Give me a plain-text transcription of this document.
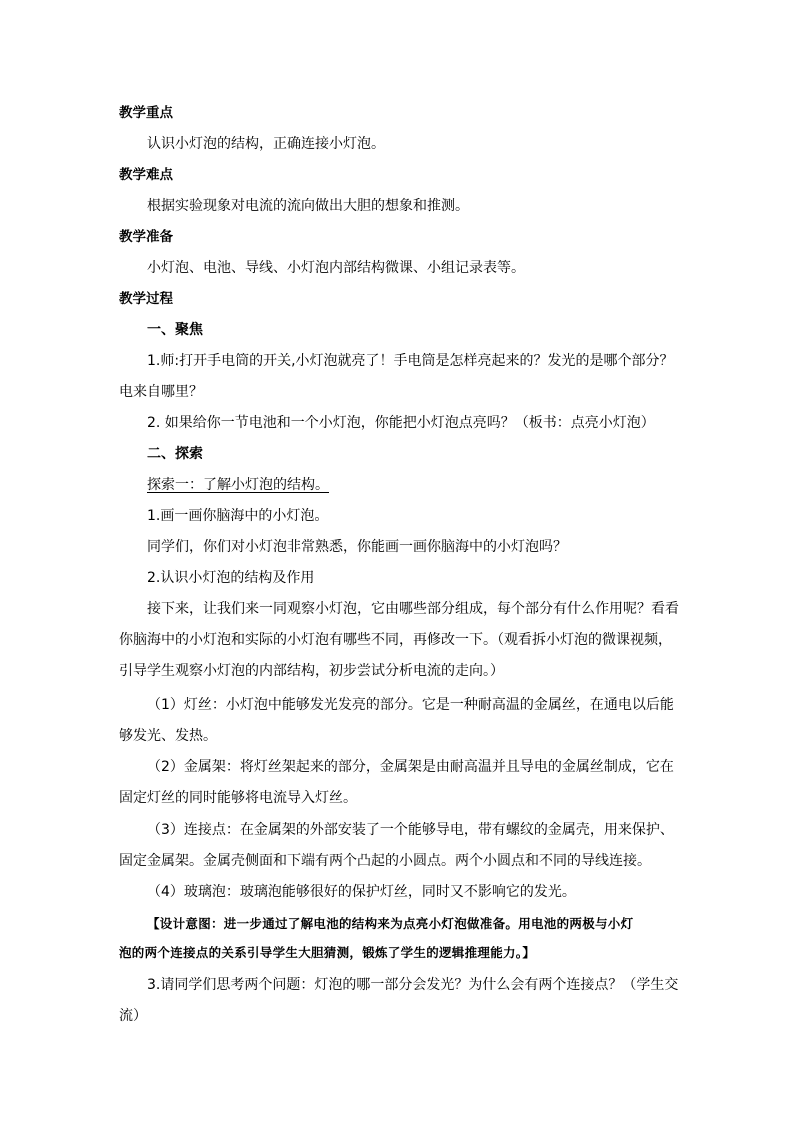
教学重点
认识小灯泡的结构，正确连接小灯泡。
教学难点
根据实验现象对电流的流向做出大胆的想象和推测。
教学准备
小灯泡、电池、导线、小灯泡内部结构微课、小组记录表等。
教学过程
一、聚焦
1.师:打开手电筒的开关,小灯泡就亮了！手电筒是怎样亮起来的？发光的是哪个部分？
电来自哪里？
2. 如果给你一节电池和一个小灯泡，你能把小灯泡点亮吗？（板书：点亮小灯泡）
二、探索
探索一：了解小灯泡的结构。
1.画一画你脑海中的小灯泡。
同学们，你们对小灯泡非常熟悉，你能画一画你脑海中的小灯泡吗？
2.认识小灯泡的结构及作用
接下来，让我们来一同观察小灯泡，它由哪些部分组成，每个部分有什么作用呢？看看
你脑海中的小灯泡和实际的小灯泡有哪些不同，再修改一下。（观看拆小灯泡的微课视频，
引导学生观察小灯泡的内部结构，初步尝试分析电流的走向。）
（1）灯丝：小灯泡中能够发光发亮的部分。它是一种耐高温的金属丝，在通电以后能
够发光、发热。
（2）金属架：将灯丝架起来的部分，金属架是由耐高温并且导电的金属丝制成，它在
固定灯丝的同时能够将电流导入灯丝。
（3）连接点：在金属架的外部安装了一个能够导电，带有螺纹的金属壳，用来保护、
固定金属架。金属壳侧面和下端有两个凸起的小圆点。两个小圆点和不同的导线连接。
（4）玻璃泡：玻璃泡能够很好的保护灯丝，同时又不影响它的发光。
【设计意图：进一步通过了解电池的结构来为点亮小灯泡做准备。用电池的两极与小灯
泡的两个连接点的关系引导学生大胆猜测，锻炼了学生的逻辑推理能力。】
3.请同学们思考两个问题：灯泡的哪一部分会发光？为什么会有两个连接点？（学生交
流）
